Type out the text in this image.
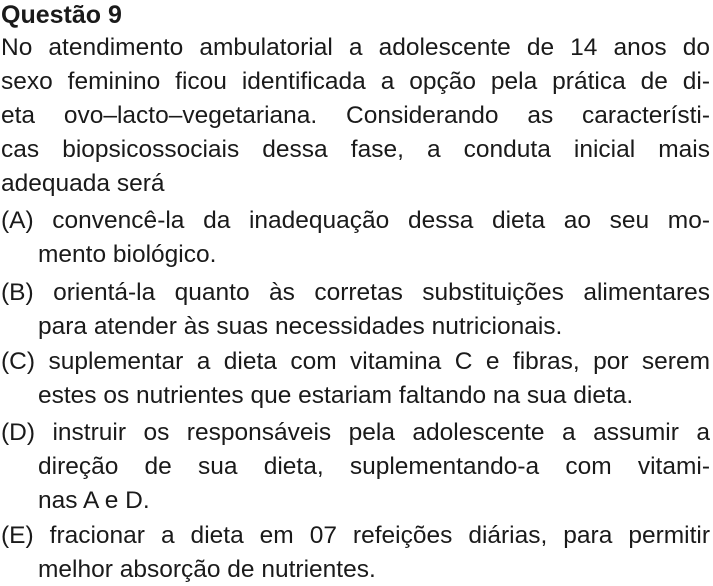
Questão 9
No atendimento ambulatorial a adolescente de 14 anos do
sexo feminino ficou identificada a opção pela prática de di-
eta ovo–lacto–vegetariana. Considerando as característi-
cas biopsicossociais dessa fase, a conduta inicial mais
adequada será
(A) convencê-la da inadequação dessa dieta ao seu mo-
mento biológico.
(B) orientá-la quanto às corretas substituições alimentares
para atender às suas necessidades nutricionais.
(C) suplementar a dieta com vitamina C e fibras, por serem
estes os nutrientes que estariam faltando na sua dieta.
(D) instruir os responsáveis pela adolescente a assumir a
direção de sua dieta, suplementando-a com vitami-
nas A e D.
(E) fracionar a dieta em 07 refeições diárias, para permitir
melhor absorção de nutrientes.
